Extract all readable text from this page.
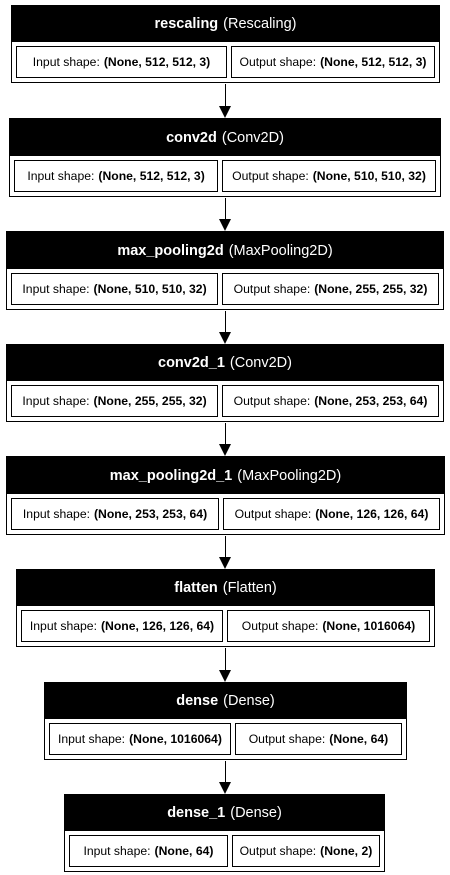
rescaling (Rescaling)
Input shape: (None, 512, 512, 3) Output shape: (None, 512, 512, 3)
conv2d (Conv2D)
Input shape: (None, 512, 512, 3) Output shape: (None, 510, 510, 32)
max_pooling2d (MaxPooling2D)
Input shape: (None, 510, 510, 32) Output shape: (None, 255, 255, 32)
conv2d_1 (Conv2D)
Input shape: (None, 255, 255, 32) Output shape: (None, 253, 253, 64)
max_pooling2d_1 (MaxPooling2D)
Input shape: (None, 253, 253, 64) Output shape: (None, 126, 126, 64)
flatten (Flatten)
Input shape: (None, 126, 126, 64) Output shape: (None, 1016064)
dense (Dense)
Input shape: (None, 1016064) Output shape: (None, 64)
dense_1 (Dense)
Input shape: (None, 64) Output shape: (None, 2)
